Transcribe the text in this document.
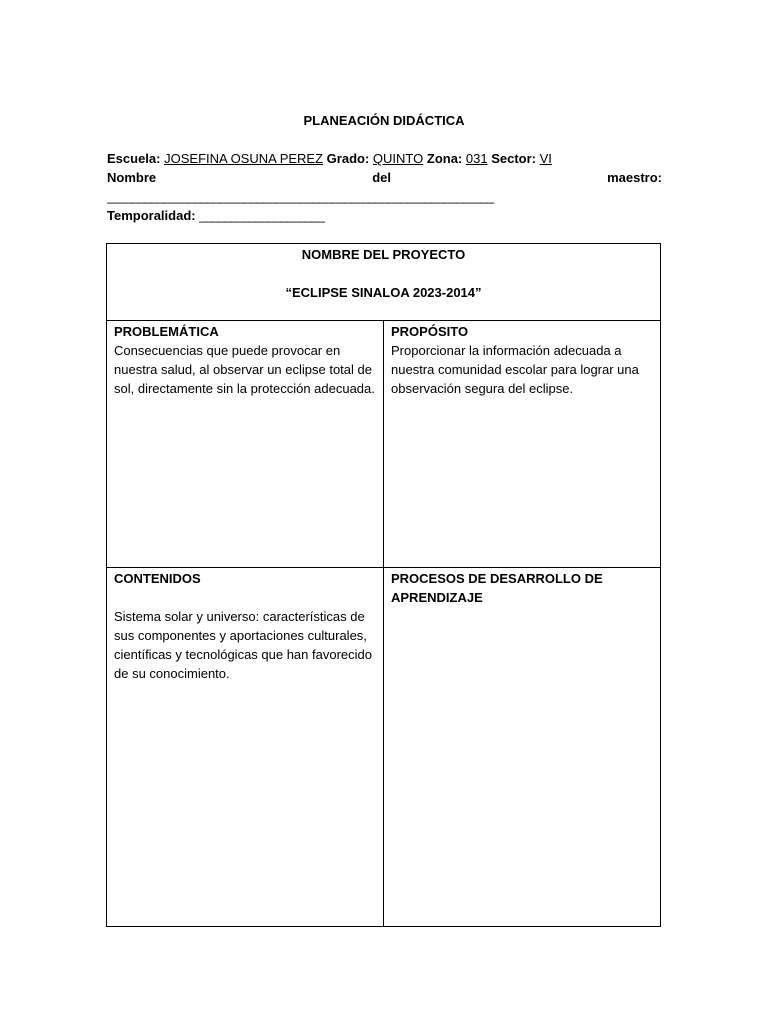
PLANEACIÓN DIDÁCTICA
Escuela: JOSEFINA OSUNA PEREZ Grado: QUINTO Zona: 031 Sector: VI
Nombre	del	maestro:
______________________________________________________________
Temporalidad: ____________________
NOMBRE DEL PROYECTO
“ECLIPSE SINALOA 2023-2014”
PROBLEMÁTICA

Consecuencias que puede provocar en nuestra salud, al observar un eclipse total de sol, directamente sin la protección adecuada.

PROPÓSITO

Proporcionar la información adecuada a nuestra comunidad escolar para lograr una observación segura del eclipse.

CONTENIDOS

Sistema solar y universo: características de sus componentes y aportaciones culturales, científicas y tecnológicas que han favorecido de su conocimiento.

PROCESOS DE DESARROLLO DE APRENDIZAJE
